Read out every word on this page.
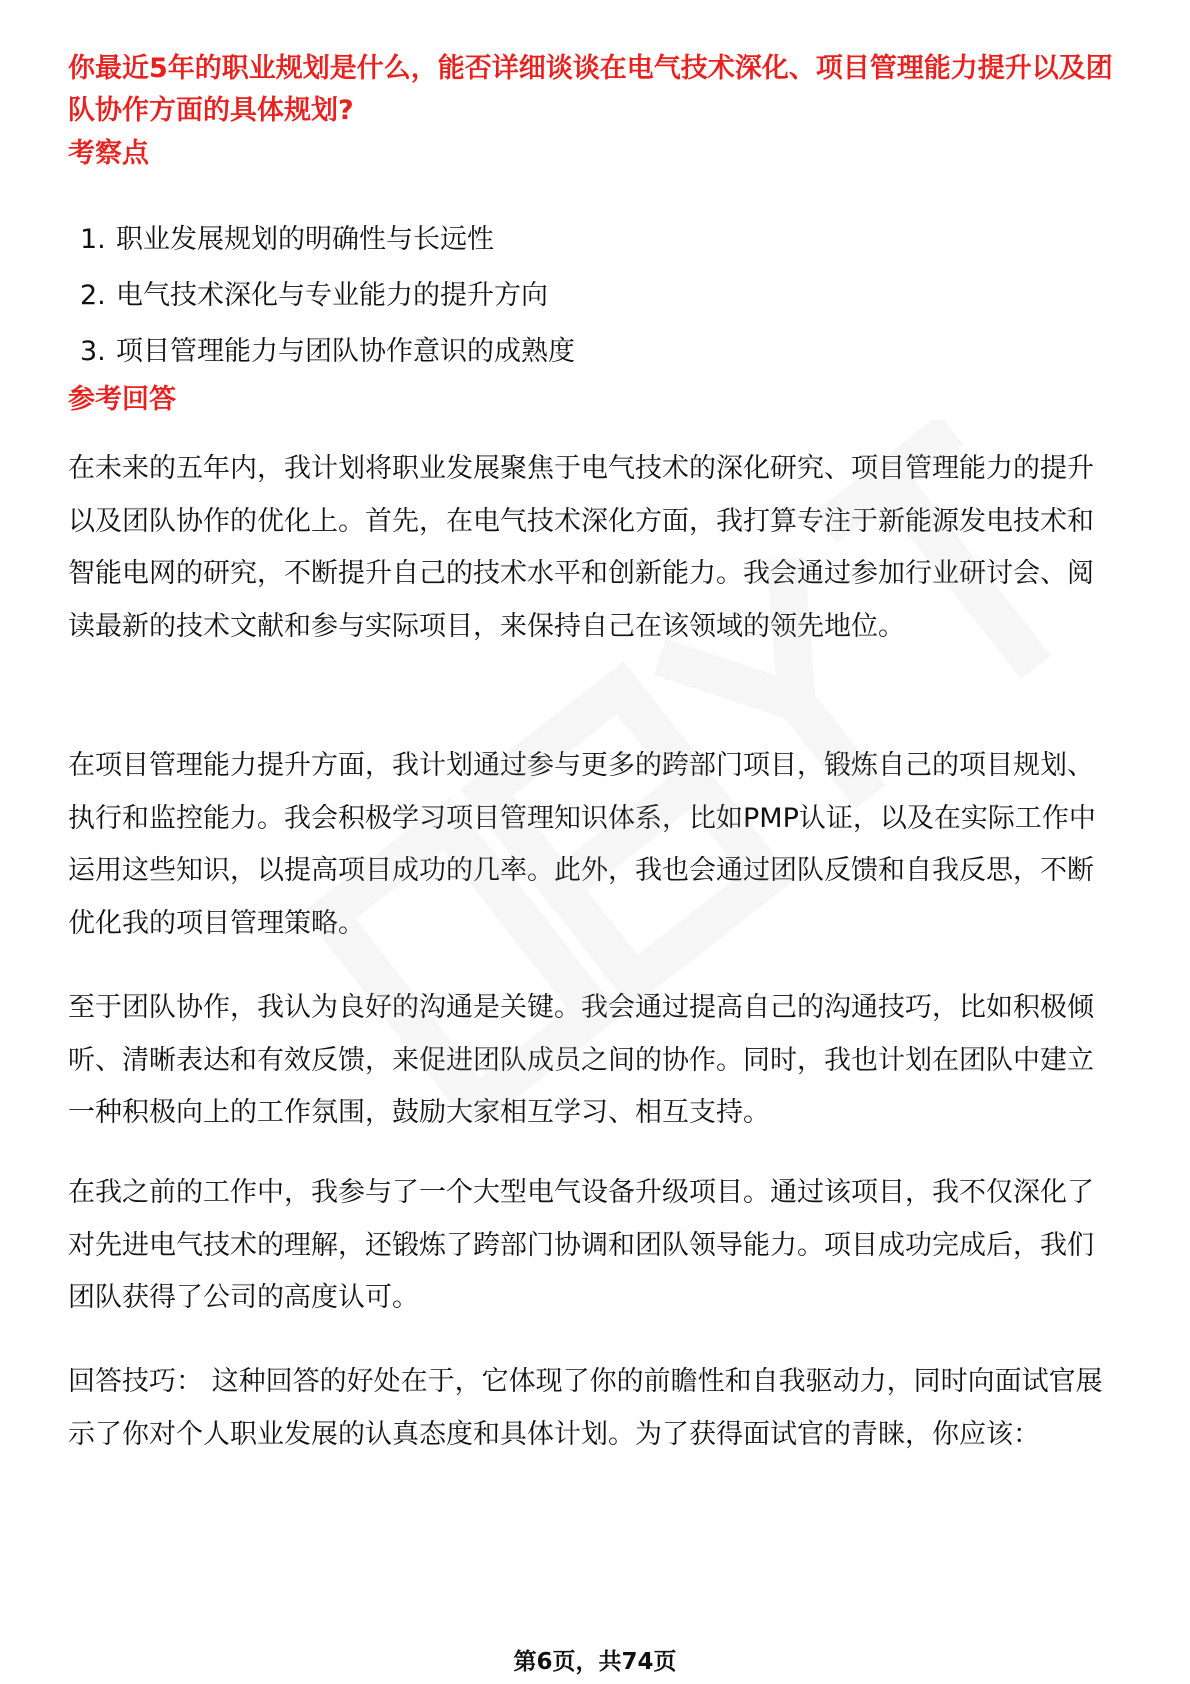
你最近5年的职业规划是什么，能否详细谈谈在电气技术深化、项目管理能力提升以及团队协作方面的具体规划?
考察点
1. 职业发展规划的明确性与长远性
2. 电气技术深化与专业能力的提升方向
3. 项目管理能力与团队协作意识的成熟度
参考回答

在未来的五年内，我计划将职业发展聚焦于电气技术的深化研究、项目管理能力的提升以及团队协作的优化上。首先，在电气技术深化方面，我打算专注于新能源发电技术和智能电网的研究，不断提升自己的技术水平和创新能力。我会通过参加行业研讨会、阅读最新的技术文献和参与实际项目，来保持自己在该领域的领先地位。

在项目管理能力提升方面，我计划通过参与更多的跨部门项目，锻炼自己的项目规划、执行和监控能力。我会积极学习项目管理知识体系，比如PMP认证，以及在实际工作中运用这些知识，以提高项目成功的几率。此外，我也会通过团队反馈和自我反思，不断优化我的项目管理策略。

至于团队协作，我认为良好的沟通是关键。我会通过提高自己的沟通技巧，比如积极倾听、清晰表达和有效反馈，来促进团队成员之间的协作。同时，我也计划在团队中建立一种积极向上的工作氛围，鼓励大家相互学习、相互支持。

在我之前的工作中，我参与了一个大型电气设备升级项目。通过该项目，我不仅深化了对先进电气技术的理解，还锻炼了跨部门协调和团队领导能力。项目成功完成后，我们团队获得了公司的高度认可。

回答技巧： 这种回答的好处在于，它体现了你的前瞻性和自我驱动力，同时向面试官展示了你对个人职业发展的认真态度和具体计划。为了获得面试官的青睐，你应该：

第6页，共74页
